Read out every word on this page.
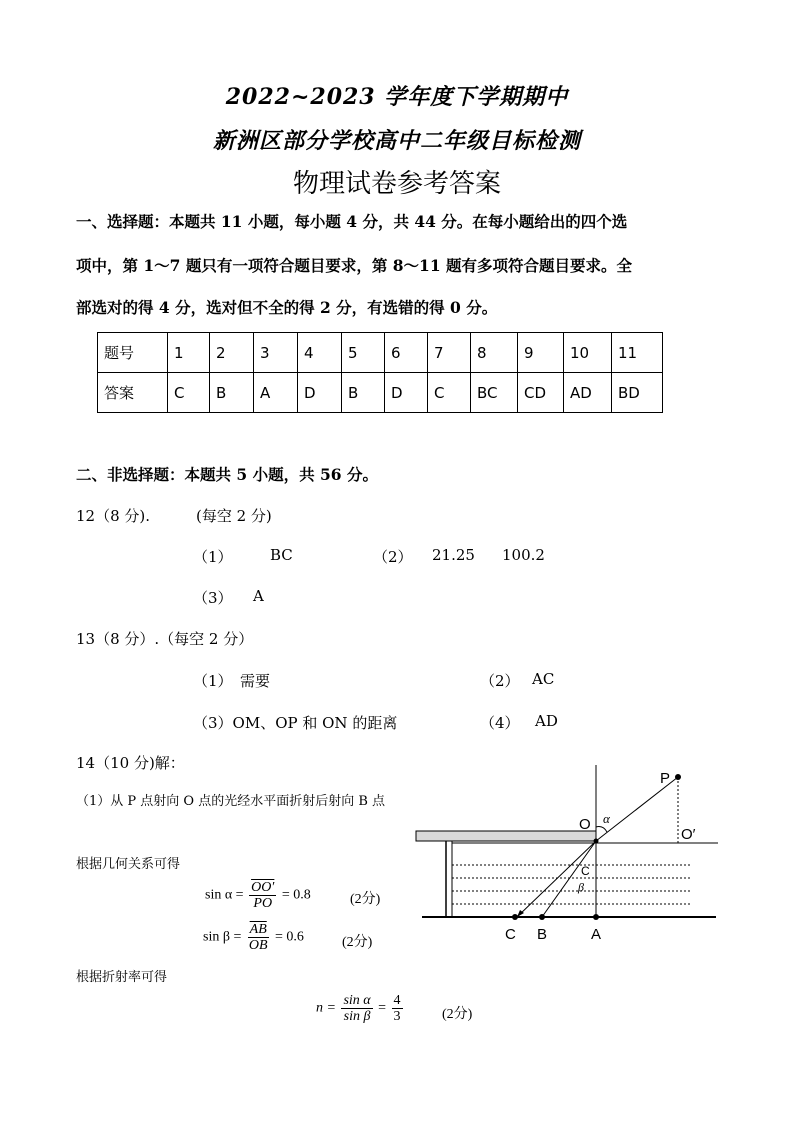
2022~2023 学年度下学期期中
新洲区部分学校高中二年级目标检测
物理试卷参考答案
一、选择题：本题共 11 小题，每小题 4 分，共 44 分。在每小题给出的四个选
项中，第 1～7 题只有一项符合题目要求，第 8～11 题有多项符合题目要求。全
部选对的得 4 分，选对但不全的得 2 分，有选错的得 0 分。
题号	1	2	3	4	5	6	7	8	9	10	11
答案	C	B	A	D	B	D	C	BC	CD	AD	BD
二、非选择题：本题共 5 小题，共 56 分。
12（8 分).	(每空 2 分)
（1） BC	（2） 21.25 100.2
（3） A
13（8 分）.（每空 2 分）
（1） 需要	（2） AC
（3）OM、OP 和 ON 的距离	（4） AD
14（10 分)解：
（1）从 P 点射向 O 点的光经水平面折射后射向 B 点
根据几何关系可得
$\sin \alpha = \frac{OO'}{PO} = 0.8$	(2分)
$\sin \beta = \frac{\overline{AB}}{OB} = 0.6$	(2分)
根据折射率可得
$n = \frac{\text{sin α}}{\text{sin β}} = \frac{4}{3}$	(2分)
P
O
O′
α
β
C
C B	A
